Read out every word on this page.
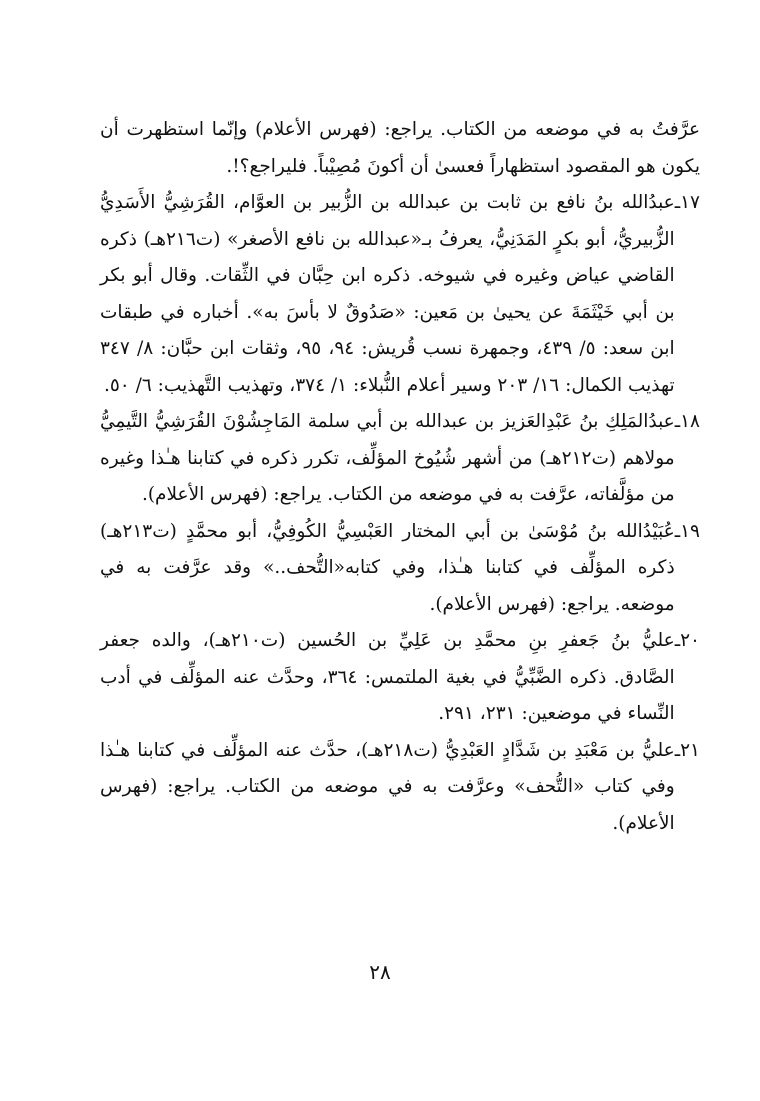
عرَّفتُ به في موضعه من الكتاب. يراجع: (فهرس الأعلام) وإنّما استظهرت أن يكون هو المقصود استظهاراً فعسىٰ أن أكونَ مُصِيْباً. فليراجع؟!.

١٧ـ
عبدُالله بنُ نافع بن ثابت بن عبدالله بن الزُّبير بن العوَّام، القُرَشِيُّ الأَسَدِيُّ الزُّبيريُّ، أبو بكرٍ المَدَنِيُّ، يعرفُ بـ«عبدالله بن نافع الأصغر» (ت٢١٦هـ) ذكره القاضي عياض وغيره في شيوخه. ذكره ابن حِبَّان في الثِّقات. وقال أبو بكر بن أبي خَيْثَمَةَ عن يحيىٰ بن مَعين: «صَدُوقٌ لا بأسَ به». أخباره في طبقات ابن سعد: ٥/ ٤٣٩، وجمهرة نسب قُريش: ٩٤، ٩٥، وثقات ابن حبَّان: ٨/ ٣٤٧ تهذيب الكمال: ١٦/ ٢٠٣ وسير أعلام النُّبلاء: ١/ ٣٧٤، وتهذيب التَّهذيب: ٦/ ٥٠.
١٨ـ
عبدُالمَلِكِ بنُ عَبْدِالعَزيز بن عبدالله بن أبي سلمة المَاجِشُوْنَ القُرَشِيُّ التَّيمِيُّ مولاهم (ت٢١٢هـ) من أشهر شُيُوخ المؤلِّف، تكرر ذكره في كتابنا هـٰذا وغيره من مؤلَّفاته، عرَّفت به في موضعه من الكتاب. يراجع: (فهرس الأعلام).
١٩ـ
عُبَيْدُالله بنُ مُوْسَىٰ بن أبي المختار العَبْسِيُّ الكُوفِيُّ، أبو محمَّدٍ (ت٢١٣هـ) ذكره المؤلِّف في كتابنا هـٰذا، وفي كتابه«التُّحف..» وقد عرَّفت به في موضعه. يراجع: (فهرس الأعلام).
٢٠ـ
عليُّ بنُ جَعفرِ بنِ محمَّدِ بن عَلِيِّ بن الحُسين (ت٢١٠هـ)، والده جعفر الصَّادق. ذكره الضَّبِّيُّ في بغية الملتمس: ٣٦٤، وحدَّث عنه المؤلِّف في أدب النِّساء في موضعين: ٢٣١، ٢٩١.
٢١ـ
عليُّ بن مَعْبَدِ بن شَدَّادٍ العَبْدِيُّ (ت٢١٨هـ)، حدَّث عنه المؤلِّف في كتابنا هـٰذا وفي كتاب «التُّحف» وعرَّفت به في موضعه من الكتاب. يراجع: (فهرس الأعلام).
٢٨
